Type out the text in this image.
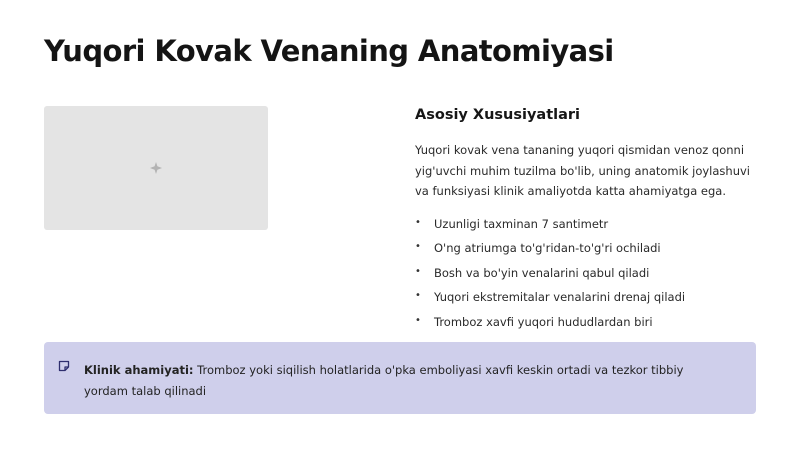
Yuqori Kovak Venaning Anatomiyasi
Asosiy Xususiyatlari

Yuqori kovak vena tananing yuqori qismidan venoz qonni yig'uvchi muhim tuzilma bo'lib, uning anatomik joylashuvi va funksiyasi klinik amaliyotda katta ahamiyatga ega.

• Uzunligi taxminan 7 santimetr
• O'ng atriumga to'g'ridan-to'g'ri ochiladi
• Bosh va bo'yin venalarini qabul qiladi
• Yuqori ekstremitalar venalarini drenaj qiladi
• Tromboz xavfi yuqori hududlardan biri

Klinik ahamiyati: Tromboz yoki siqilish holatlarida o'pka emboliyasi xavfi keskin ortadi va tezkor tibbiy yordam talab qilinadi
